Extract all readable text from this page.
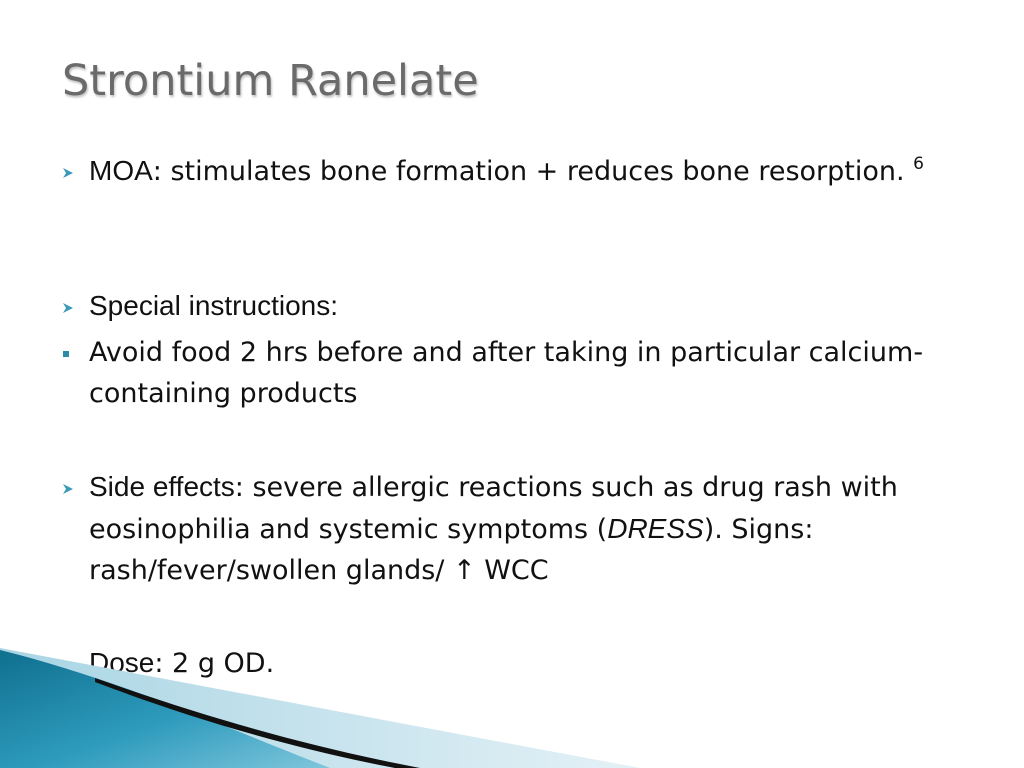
Strontium Ranelate
MOA: stimulates bone formation + reduces bone resorption. $^6$
Special instructions:
Avoid food 2 hrs before and after taking in particular calcium- containing products
Side effects: severe allergic reactions such as drug rash with eosinophilia and systemic symptoms (DRESS). Signs: rash/fever/swollen glands/ ↑ WCC
Dose: 2 g OD.
